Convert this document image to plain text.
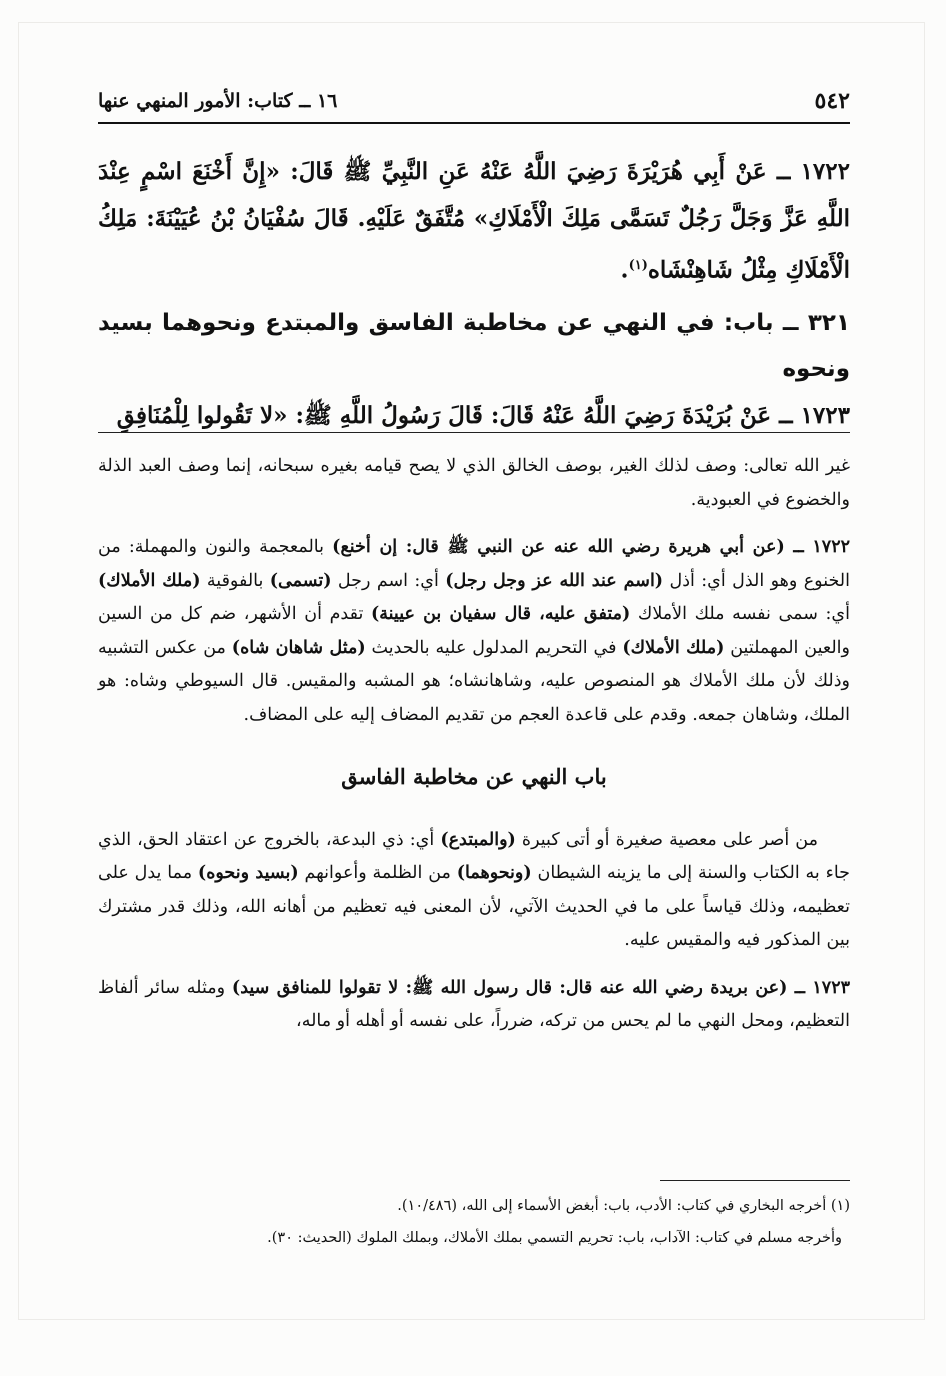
٥٤٢
١٦ ــ كتاب: الأمور المنهي عنها

١٧٢٢ ــ عَنْ أَبِي هُرَيْرَةَ رَضِيَ اللَّهُ عَنْهُ عَنِ النَّبِيِّ ﷺ قَالَ: «إِنَّ أَخْنَعَ اسْمٍ عِنْدَ اللَّهِ عَزَّ وَجَلَّ رَجُلٌ تَسَمَّى مَلِكَ الْأَمْلَاكِ» مُتَّفَقٌ عَلَيْهِ. قَالَ سُفْيَانُ بْنُ عُيَيْنَةَ: مَلِكُ الْأَمْلَاكِ مِثْلُ شَاهِنْشَاه$^{(١)}$.

٣٢١ ــ باب: في النهي عن مخاطبة الفاسق والمبتدع ونحوهما بسيد ونحوه

١٧٢٣ ــ عَنْ بُرَيْدَةَ رَضِيَ اللَّهُ عَنْهُ قَالَ: قَالَ رَسُولُ اللَّهِ ﷺ: «لا تَقُولوا لِلْمُنَافِقِ

غير الله تعالى: وصف لذلك الغير، بوصف الخالق الذي لا يصح قيامه بغيره سبحانه، إنما وصف العبد الذلة والخضوع في العبودية.

١٧٢٢ ــ (عن أبي هريرة رضي الله عنه عن النبي ﷺ قال: إن أخنع) بالمعجمة والنون والمهملة: من الخنوع وهو الذل أي: أذل (اسم عند الله عز وجل رجل) أي: اسم رجل (تسمى) بالفوقية (ملك الأملاك) أي: سمى نفسه ملك الأملاك (متفق عليه، قال سفيان بن عيينة) تقدم أن الأشهر، ضم كل من السين والعين المهملتين (ملك الأملاك) في التحريم المدلول عليه بالحديث (مثل شاهان شاه) من عكس التشبيه وذلك لأن ملك الأملاك هو المنصوص عليه، وشاهانشاه؛ هو المشبه والمقيس. قال السيوطي وشاه: هو الملك، وشاهان جمعه. وقدم على قاعدة العجم من تقديم المضاف إليه على المضاف.

باب النهي عن مخاطبة الفاسق

من أصر على معصية صغيرة أو أتى كبيرة (والمبتدع) أي: ذي البدعة، بالخروج عن اعتقاد الحق، الذي جاء به الكتاب والسنة إلى ما يزينه الشيطان (ونحوهما) من الظلمة وأعوانهم (بسيد ونحوه) مما يدل على تعظيمه، وذلك قياساً على ما في الحديث الآتي، لأن المعنى فيه تعظيم من أهانه الله، وذلك قدر مشترك بين المذكور فيه والمقيس عليه.

١٧٢٣ ــ (عن بريدة رضي الله عنه قال: قال رسول الله ﷺ: لا تقولوا للمنافق سيد) ومثله سائر ألفاظ التعظيم، ومحل النهي ما لم يحس من تركه، ضرراً، على نفسه أو أهله أو ماله،

(١) أخرجه البخاري في كتاب: الأدب، باب: أبغض الأسماء إلى الله، (١٠/٤٨٦).

وأخرجه مسلم في كتاب: الآداب، باب: تحريم التسمي بملك الأملاك، وبملك الملوك (الحديث: ٣٠).
